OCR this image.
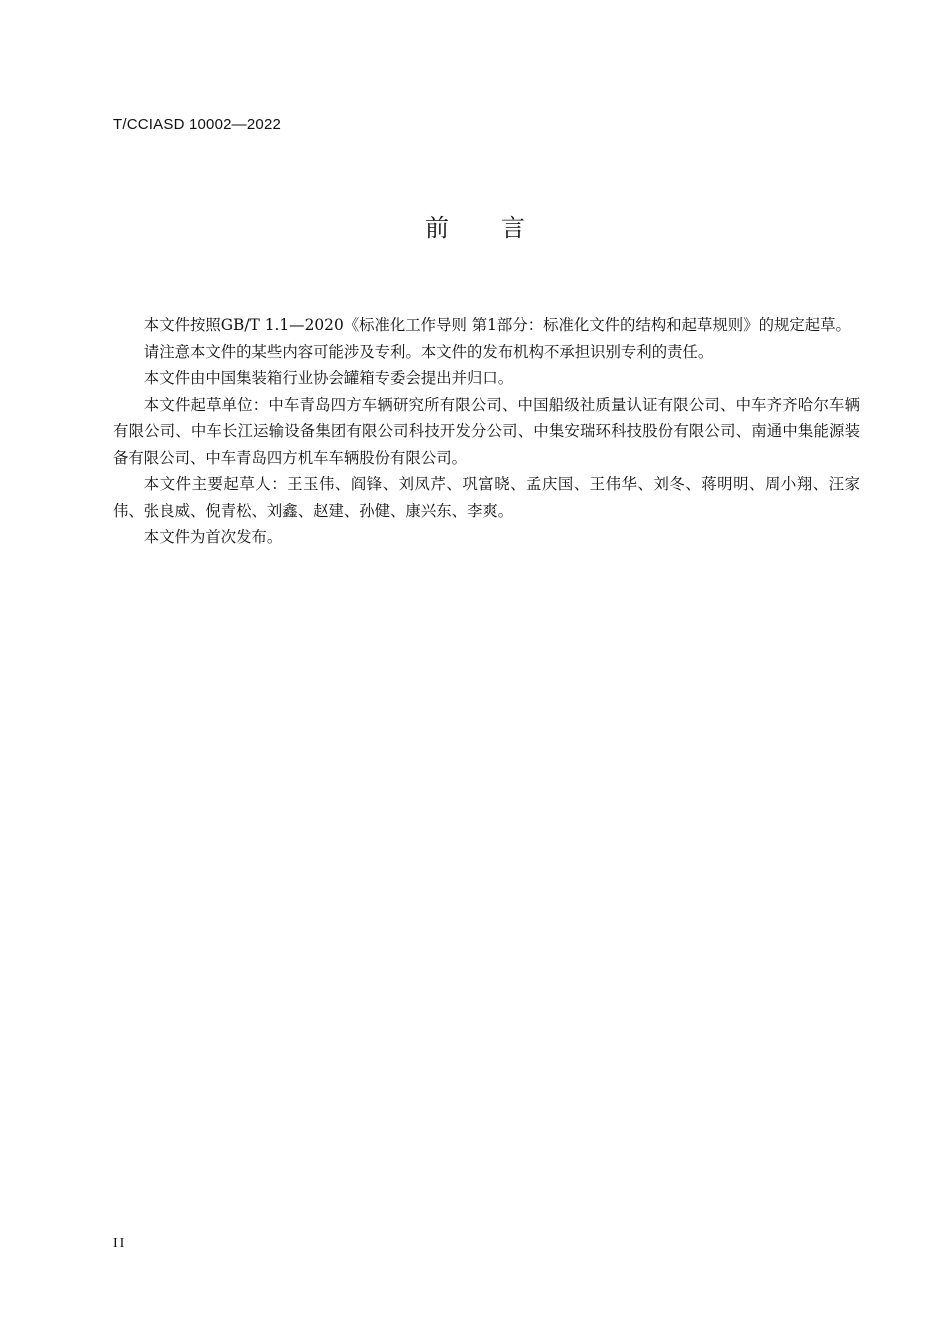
T/CCIASD 10002—2022
前言

本文件按照GB/T 1.1—2020《标准化工作导则 第1部分：标准化文件的结构和起草规则》的规定起草。

请注意本文件的某些内容可能涉及专利。本文件的发布机构不承担识别专利的责任。

本文件由中国集装箱行业协会罐箱专委会提出并归口。

本文件起草单位：中车青岛四方车辆研究所有限公司、中国船级社质量认证有限公司、中车齐齐哈尔车辆有限公司、中车长江运输设备集团有限公司科技开发分公司、中集安瑞环科技股份有限公司、南通中集能源装备有限公司、中车青岛四方机车车辆股份有限公司。

本文件主要起草人：王玉伟、阎锋、刘凤芹、巩富晓、孟庆国、王伟华、刘冬、蒋明明、周小翔、汪家伟、张良威、倪青松、刘鑫、赵建、孙健、康兴东、李爽。

本文件为首次发布。

II
